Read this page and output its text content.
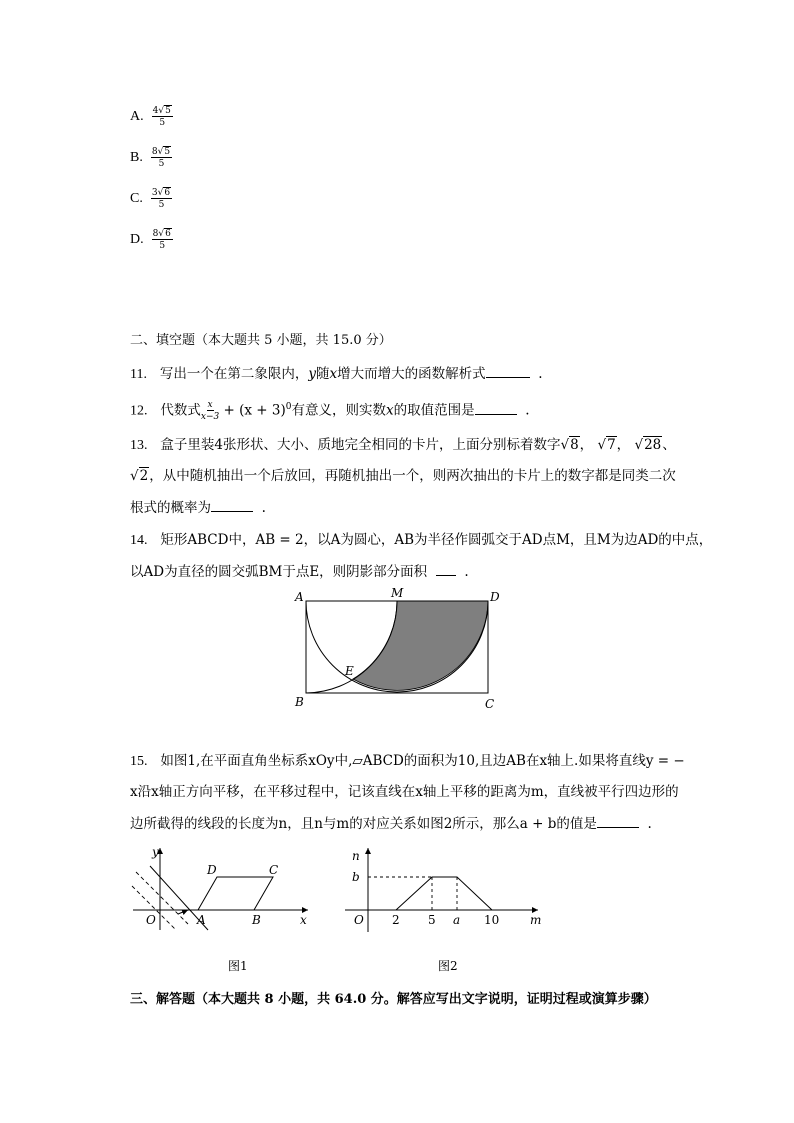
A. $\frac{4√5}{5}$
B. $\frac{8√5}{5}$
C. $\frac{3√6}{5}$
D. $\frac{8√6}{5}$
二、填空题（本大题共 5 小题，共 15.0 分）
11. 写出一个在第二象限内，y随x增大而增大的函数解析式	.
12. 代数式 $\frac{x}{x-3} + (x + 3)^0$有意义，则实数x的取值范围是	.
13. 盒子里装4张形状、大小、质地完全相同的卡片，上面分别标着数字√8， √7， √28、
√2，从中随机抽出一个后放回，再随机抽出一个，则两次抽出的卡片上的数字都是同类二次
根式的概率为	.
14. 矩形ABCD中，AB = 2，以A为圆心，AB为半径作圆弧交于AD点M，且M为边AD的中点，
以AD为直径的圆交弧BM于点E，则阴影部分面积	.
A	M	D
E
B	C
15. 如图1,在平面直角坐标系xOy中,▱ABCD的面积为10,且边AB在x轴上.如果将直线y = −
x沿x轴正方向平移，在平移过程中，记该直线在x轴上平移的距离为m，直线被平行四边形的
边所截得的线段的长度为n，且n与m的对应关系如图2所示，那么a + b的值是	.
y
x
O	A	B
C
D
图1
n
m
O
b
2 5 a 10
图2
三、解答题（本大题共 8 小题，共 64.0 分。解答应写出文字说明，证明过程或演算步骤）
